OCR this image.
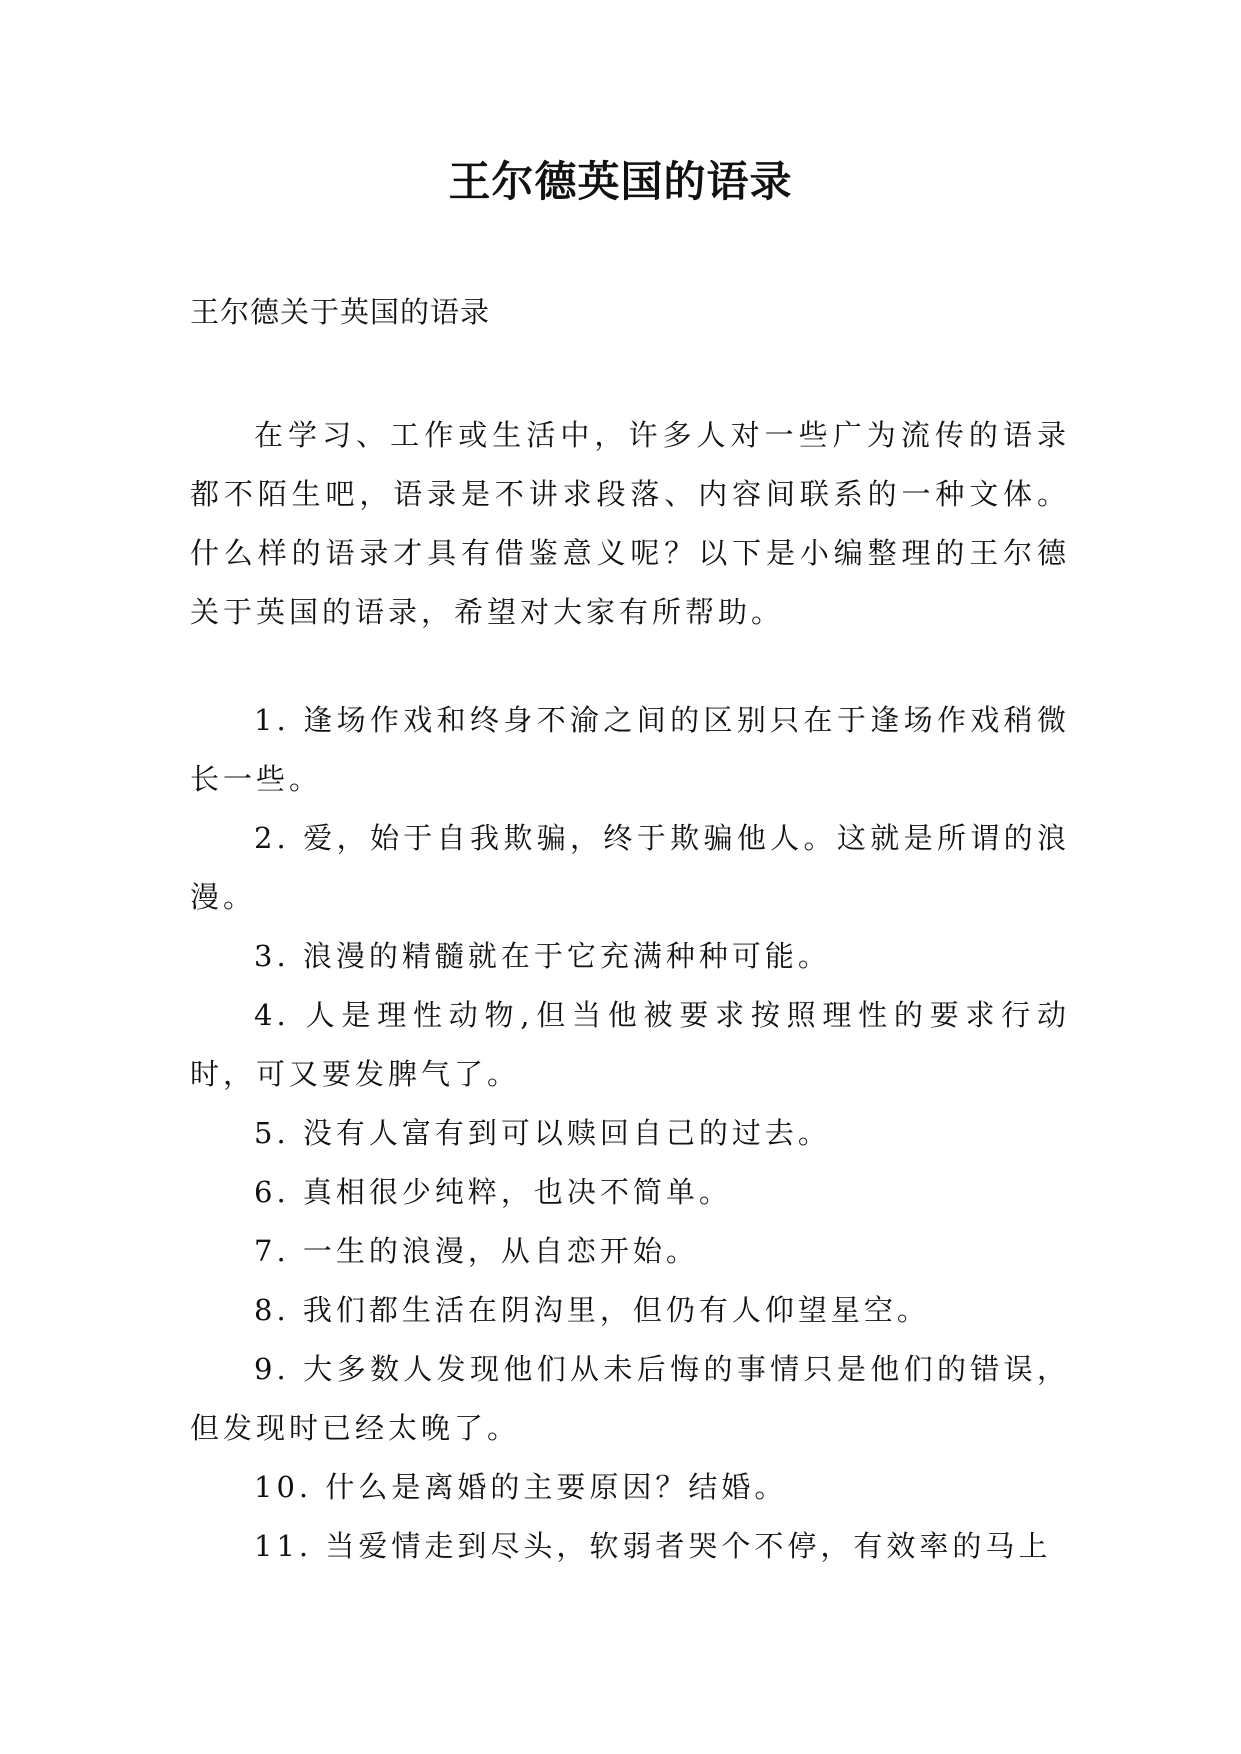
王尔德英国的语录
王尔德关于英国的语录

在学习、工作或生活中，许多人对一些广为流传的语录都不陌生吧，语录是不讲求段落、内容间联系的一种文体。什么样的语录才具有借鉴意义呢？以下是小编整理的王尔德关于英国的语录，希望对大家有所帮助。

1. 逢场作戏和终身不渝之间的区别只在于逢场作戏稍微长一些。

2. 爱，始于自我欺骗，终于欺骗他人。这就是所谓的浪漫。

3. 浪漫的精髓就在于它充满种种可能。

4. 人是理性动物,但当他被要求按照理性的要求行动时，可又要发脾气了。

5. 没有人富有到可以赎回自己的过去。

6. 真相很少纯粹，也决不简单。

7. 一生的浪漫，从自恋开始。

8. 我们都生活在阴沟里，但仍有人仰望星空。

9. 大多数人发现他们从未后悔的事情只是他们的错误，但发现时已经太晚了。

10. 什么是离婚的主要原因？结婚。

11. 当爱情走到尽头，软弱者哭个不停，有效率的马上
